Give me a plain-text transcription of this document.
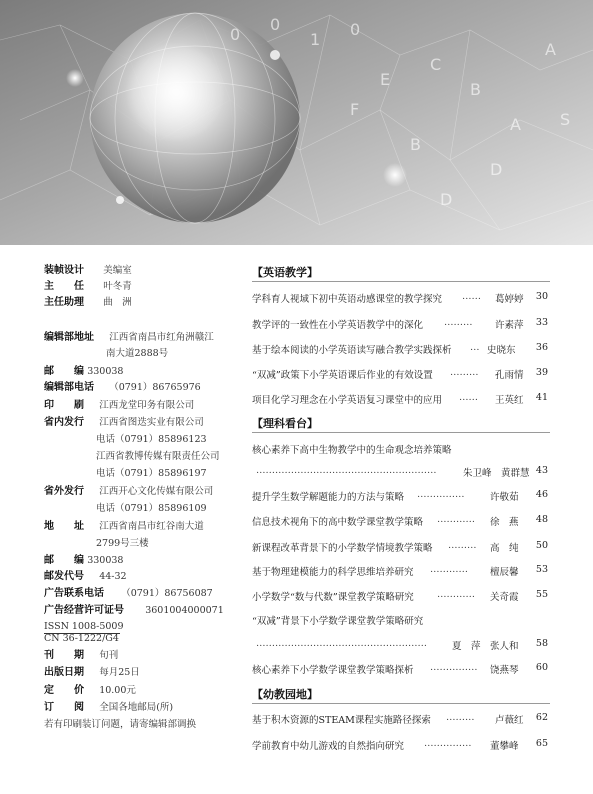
0
0
1
0
C
F
B
A S
D
B
D
A
E
装帧设计 美编室
主　　任 叶冬青
主任助理 曲　洲
编辑部地址 江西省南昌市红角洲赣江
南大道2888号
邮　　编 330038
编辑部电话 （0791）86765976
印　　刷 江西龙堂印务有限公司
省内发行 江西省图迭实业有限公司
电话（0791）85896123
江西省教博传媒有限责任公司
电话（0791）85896197
省外发行 江西开心文化传媒有限公司
电话（0791）85896109
地　　址 江西省南昌市红谷南大道
2799号三楼
邮　　编 330038
邮发代号 44-32
广告联系电话 （0791）86756087
广告经营许可证号 3601004000071
ISSN 1008-5009
CN 36-1222/G4
刊　　期 旬刊
出版日期 每月25日
定　　价 10.00元
订　　阅 全国各地邮局(所)
若有印刷装订问题，请寄编辑部调换
【英语教学】
学科育人视域下初中英语动感课堂的教学探究 …… 葛婷婷 30
教学评的一致性在小学英语教学中的深化 ……… 许素萍 33
基于绘本阅读的小学英语读写融合教学实践探析 … 史晓东 36
“双减”政策下小学英语课后作业的有效设置 ……… 孔雨情 39
项目化学习理念在小学英语复习课堂中的应用 …… 王英红 41
【理科看台】
核心素养下高中生物教学中的生命观念培养策略
…………………………………………………	朱卫峰　黄群慧 43
提升学生数学解题能力的方法与策略 ……………	许敬茹 46
信息技术视角下的高中数学课堂教学策略 ………… 徐　燕 48
新课程改革背景下的小学数学情境教学策略 ……… 高　纯 50
基于物理建模能力的科学思维培养研究 ………… 檀辰馨 53
小学数学“数与代数”课堂教学策略研究 ………… 关奇霞 55
“双减”背景下小学数学课堂教学策略研究
………………………………………………	夏　萍　张人和 58
核心素养下小学数学课堂教学策略探析 …………… 饶燕琴 60
【幼教园地】
基于积木资源的STEAM课程实施路径探索 ……… 卢薇红 62
学前教育中幼儿游戏的自然指向研究 …………… 董攀峰 65
